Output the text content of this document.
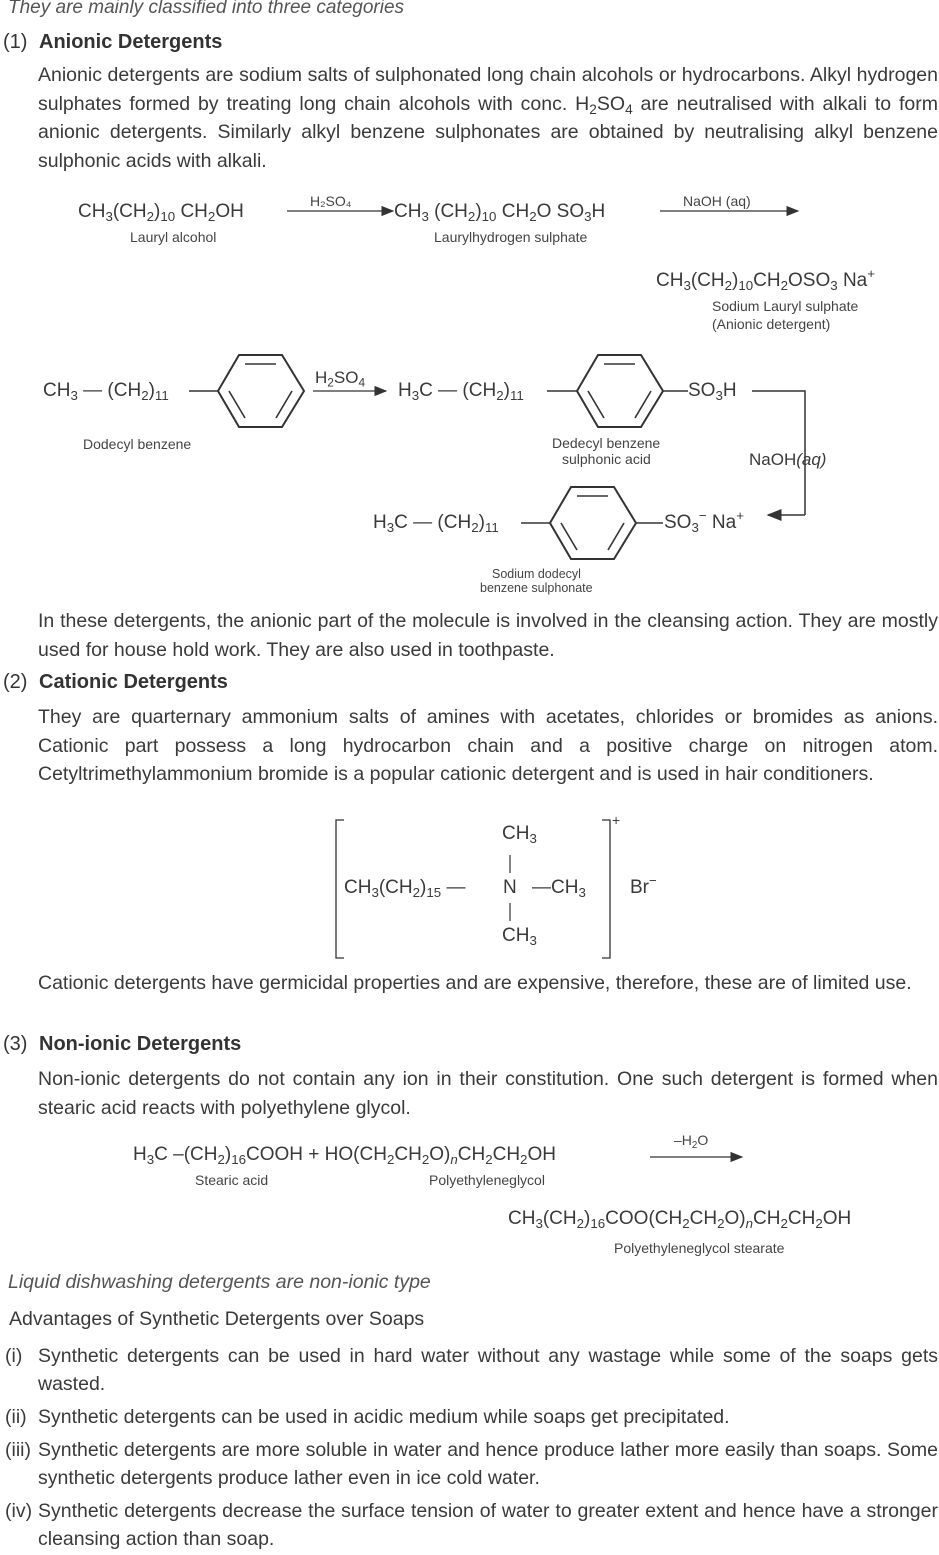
They are mainly classified into three categories
(1) Anionic Detergents
Anionic detergents are sodium salts of sulphonated long chain alcohols or hydrocarbons. Alkyl hydrogen sulphates formed by treating long chain alcohols with conc. $H_2SO_4$ are neutralised with alkali to form anionic detergents. Similarly alkyl benzene sulphonates are obtained by neutralising alkyl benzene sulphonic acids with alkali.
$CH_3(CH_2)_{10}$ $CH_2OH$
Lauryl alcohol
H₂SO₄ $CH_3$ $(CH_2)_{10}$ $CH_2O$ $SO_3H$
Laurylhydrogen sulphate
NaOH (aq)
$CH_3(CH_2)_{10}CH_2OSO_3$ Na+
Sodium Lauryl sulphate
(Anionic detergent)
$CH_3$ — $(CH_2)_{11}$
Dodecyl benzene
$H_2SO_4$ $H_3C$ — $(CH_2)_{11}$	$SO_3H$
Dedecyl benzene
sulphonic acid	NaOH(aq)
$H_3C$ — $(CH_2)_{11}$	$SO_3^-$ Na+
Sodium dodecyl
benzene sulphonate
In these detergents, the anionic part of the molecule is involved in the cleansing action. They are mostly used for house hold work. They are also used in toothpaste.
(2) Cationic Detergents
They are quarternary ammonium salts of amines with acetates, chlorides or bromides as anions. Cationic part possess a long hydrocarbon chain and a positive charge on nitrogen atom. Cetyltrimethylammonium bromide is a popular cationic detergent and is used in hair conditioners.
$CH_3$
$CH_3(CH_2)_{15}$ — N $—CH_3$
$CH_3$
+
Br−
Cationic detergents have germicidal properties and are expensive, therefore, these are of limited use.
(3) Non-ionic Detergents
Non-ionic detergents do not contain any ion in their constitution. One such detergent is formed when stearic acid reacts with polyethylene glycol.
$H_3C$ $-(CH_2)_{16}COOH + HO(CH_2CH_2O)_nCH_2CH_2OH$
Stearic acid	Polyethyleneglycol
$-H_2O$
$CH_3(CH_2)_{16}COO(CH_2CH_2O)_nCH_2CH_2OH$
Polyethyleneglycol stearate
Liquid dishwashing detergents are non-ionic type
Advantages of Synthetic Detergents over Soaps
(i) Synthetic detergents can be used in hard water without any wastage while some of the soaps gets wasted.
(ii) Synthetic detergents can be used in acidic medium while soaps get precipitated.
(iii) Synthetic detergents are more soluble in water and hence produce lather more easily than soaps. Some synthetic detergents produce lather even in ice cold water.
(iv) Synthetic detergents decrease the surface tension of water to greater extent and hence have a stronger cleansing action than soap.
